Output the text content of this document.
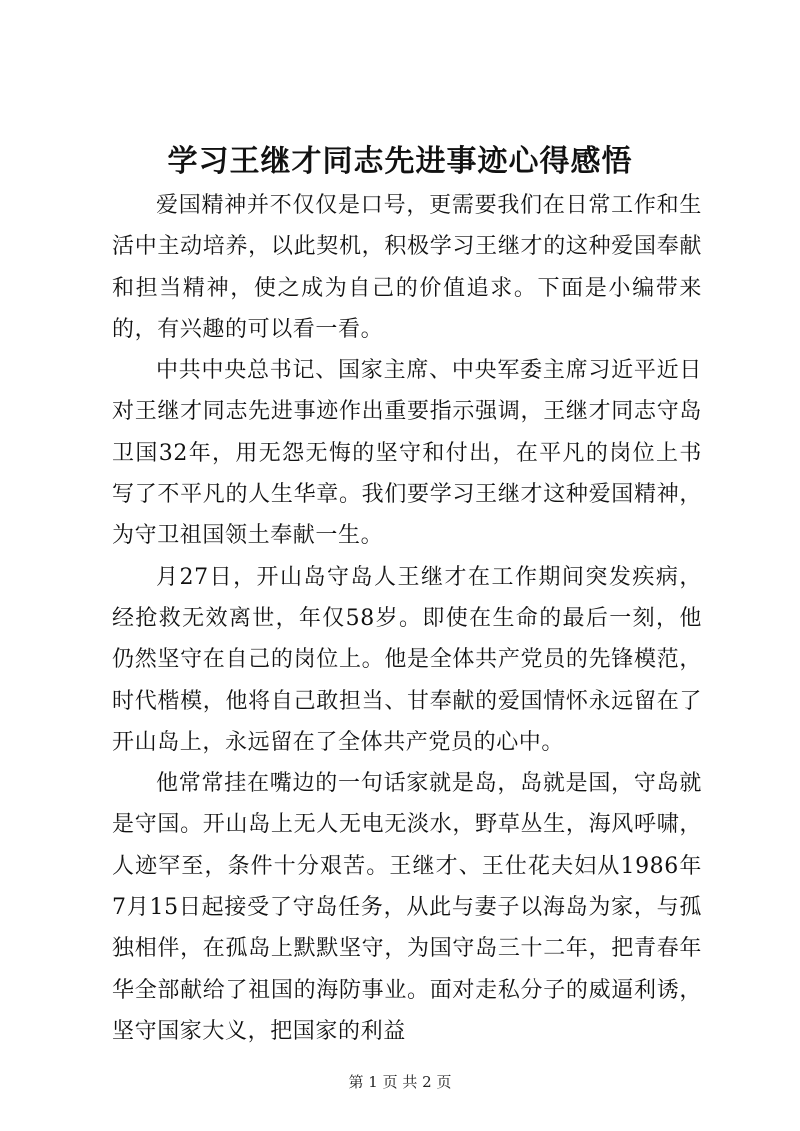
学习王继才同志先进事迹心得感悟

爱国精神并不仅仅是口号，更需要我们在日常工作和生活中主动培养，以此契机，积极学习王继才的这种爱国奉献和担当精神，使之成为自己的价值追求。下面是小编带来的，有兴趣的可以看一看。

中共中央总书记、国家主席、中央军委主席习近平近日对王继才同志先进事迹作出重要指示强调，王继才同志守岛卫国32年，用无怨无悔的坚守和付出，在平凡的岗位上书写了不平凡的人生华章。我们要学习王继才这种爱国精神，为守卫祖国领土奉献一生。

月27日，开山岛守岛人王继才在工作期间突发疾病，经抢救无效离世，年仅58岁。即使在生命的最后一刻，他仍然坚守在自己的岗位上。他是全体共产党员的先锋模范，时代楷模，他将自己敢担当、甘奉献的爱国情怀永远留在了开山岛上，永远留在了全体共产党员的心中。

他常常挂在嘴边的一句话家就是岛，岛就是国，守岛就是守国。开山岛上无人无电无淡水，野草丛生，海风呼啸，人迹罕至，条件十分艰苦。王继才、王仕花夫妇从1986年7月15日起接受了守岛任务，从此与妻子以海岛为家，与孤独相伴，在孤岛上默默坚守，为国守岛三十二年，把青春年华全部献给了祖国的海防事业。面对走私分子的威逼利诱，坚守国家大义，把国家的利益

第 1 页 共 2 页
